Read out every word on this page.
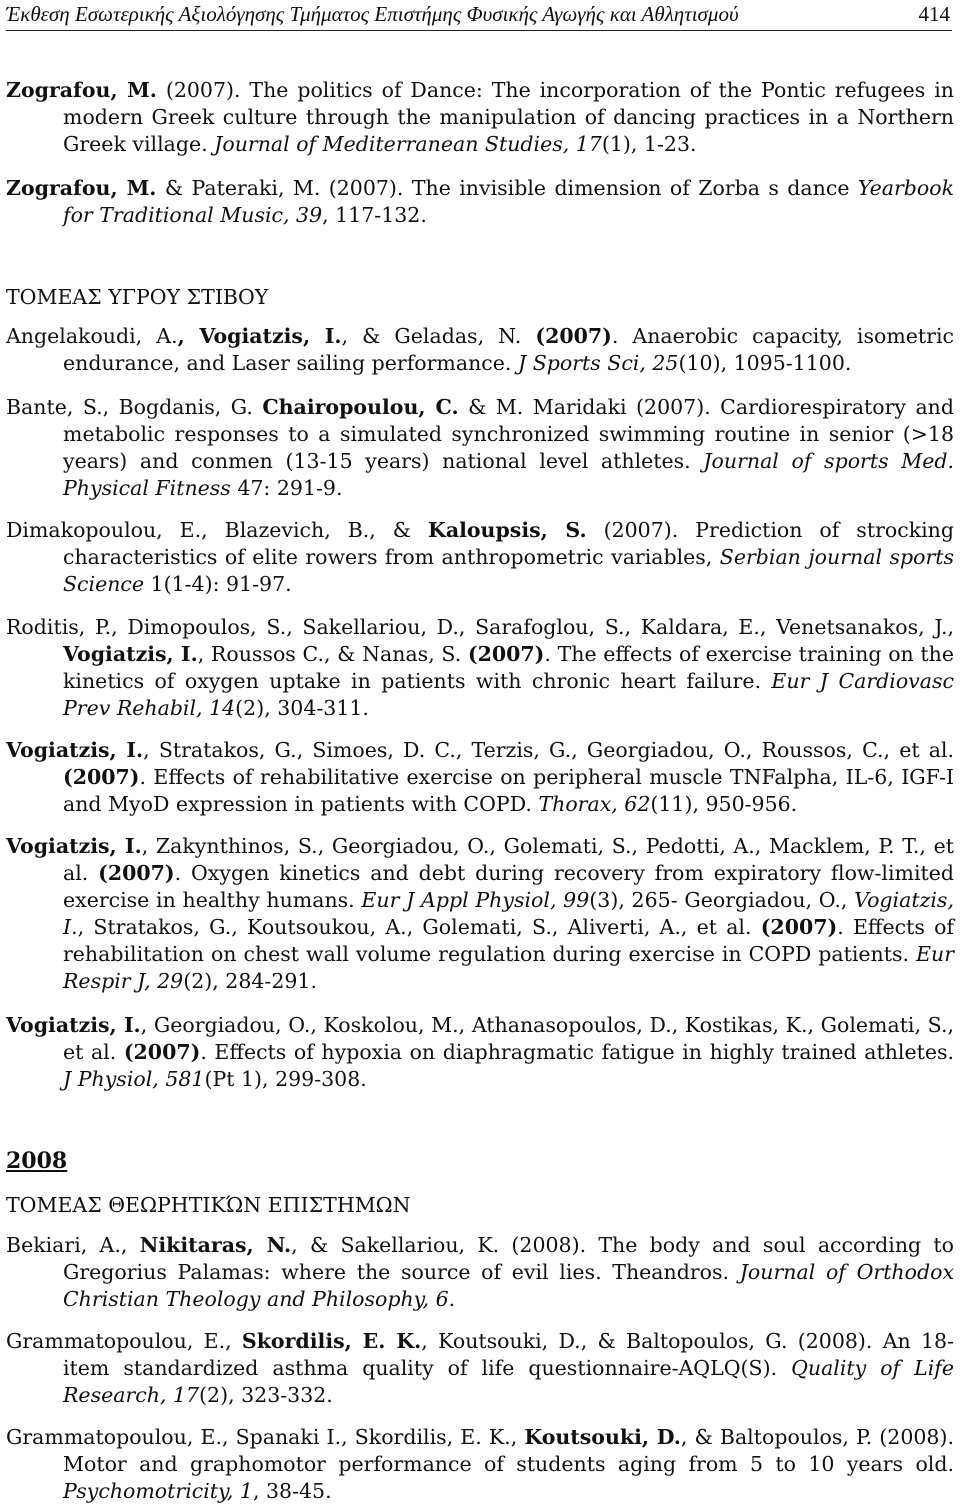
Έκθεση Εσωτερικής Αξιολόγησης Τμήματος Επιστήμης Φυσικής Αγωγής και Αθλητισμού	414
Zografou, M. (2007). The politics of Dance: The incorporation of the Pontic refugees in modern Greek culture through the manipulation of dancing practices in a Northern Greek village. Journal of Mediterranean Studies, 17(1), 1-23.
Zografou, M. & Pateraki, M. (2007). The invisible dimension of Zorba s dance Yearbook for Traditional Music, 39, 117-132.
ΤΟΜΕΑΣ ΥΓΡΟΥ ΣΤΙΒΟΥ
Angelakoudi, A., Vogiatzis, I., & Geladas, N. (2007). Anaerobic capacity, isometric endurance, and Laser sailing performance. J Sports Sci, 25(10), 1095-1100.
Bante, S., Bogdanis, G. Chairopoulou, C. & M. Maridaki (2007). Cardiorespiratory and metabolic responses to a simulated synchronized swimming routine in senior (>18 years) and conmen (13-15 years) national level athletes. Journal of sports Med. Physical Fitness 47: 291-9.
Dimakopoulou, E., Blazevich, B., & Kaloupsis, S. (2007). Prediction of strocking characteristics of elite rowers from anthropometric variables, Serbian journal sports Science 1(1-4): 91-97.
Roditis, P., Dimopoulos, S., Sakellariou, D., Sarafoglou, S., Kaldara, E., Venetsanakos, J., Vogiatzis, I., Roussos C., & Nanas, S. (2007). The effects of exercise training on the kinetics of oxygen uptake in patients with chronic heart failure. Eur J Cardiovasc Prev Rehabil, 14(2), 304-311.
Vogiatzis, I., Stratakos, G., Simoes, D. C., Terzis, G., Georgiadou, O., Roussos, C., et al. (2007). Effects of rehabilitative exercise on peripheral muscle TNFalpha, IL-6, IGF-I and MyoD expression in patients with COPD. Thorax, 62(11), 950-956.
Vogiatzis, I., Zakynthinos, S., Georgiadou, O., Golemati, S., Pedotti, A., Macklem, P. T., et al. (2007). Oxygen kinetics and debt during recovery from expiratory flow-limited exercise in healthy humans. Eur J Appl Physiol, 99(3), 265- Georgiadou, O., Vogiatzis, I., Stratakos, G., Koutsoukou, A., Golemati, S., Aliverti, A., et al. (2007). Effects of rehabilitation on chest wall volume regulation during exercise in COPD patients. Eur Respir J, 29(2), 284-291.
Vogiatzis, I., Georgiadou, O., Koskolou, M., Athanasopoulos, D., Kostikas, K., Golemati, S., et al. (2007). Effects of hypoxia on diaphragmatic fatigue in highly trained athletes. J Physiol, 581(Pt 1), 299-308.
2008
ΤΟΜΕΑΣ ΘΕΩΡΗΤΙΚΏΝ ΕΠΙΣΤΗΜΩΝ
Bekiari, A., Nikitaras, N., & Sakellariou, K. (2008). The body and soul according to Gregorius Palamas: where the source of evil lies. Theandros. Journal of Orthodox Christian Theology and Philosophy, 6.
Grammatopoulou, E., Skordilis, E. K., Koutsouki, D., & Baltopoulos, G. (2008). An 18-item standardized asthma quality of life questionnaire-AQLQ(S). Quality of Life Research, 17(2), 323-332.
Grammatopoulou, E., Spanaki I., Skordilis, E. K., Koutsouki, D., & Baltopoulos, P. (2008). Motor and graphomotor performance of students aging from 5 to 10 years old. Psychomotricity, 1, 38-45.
